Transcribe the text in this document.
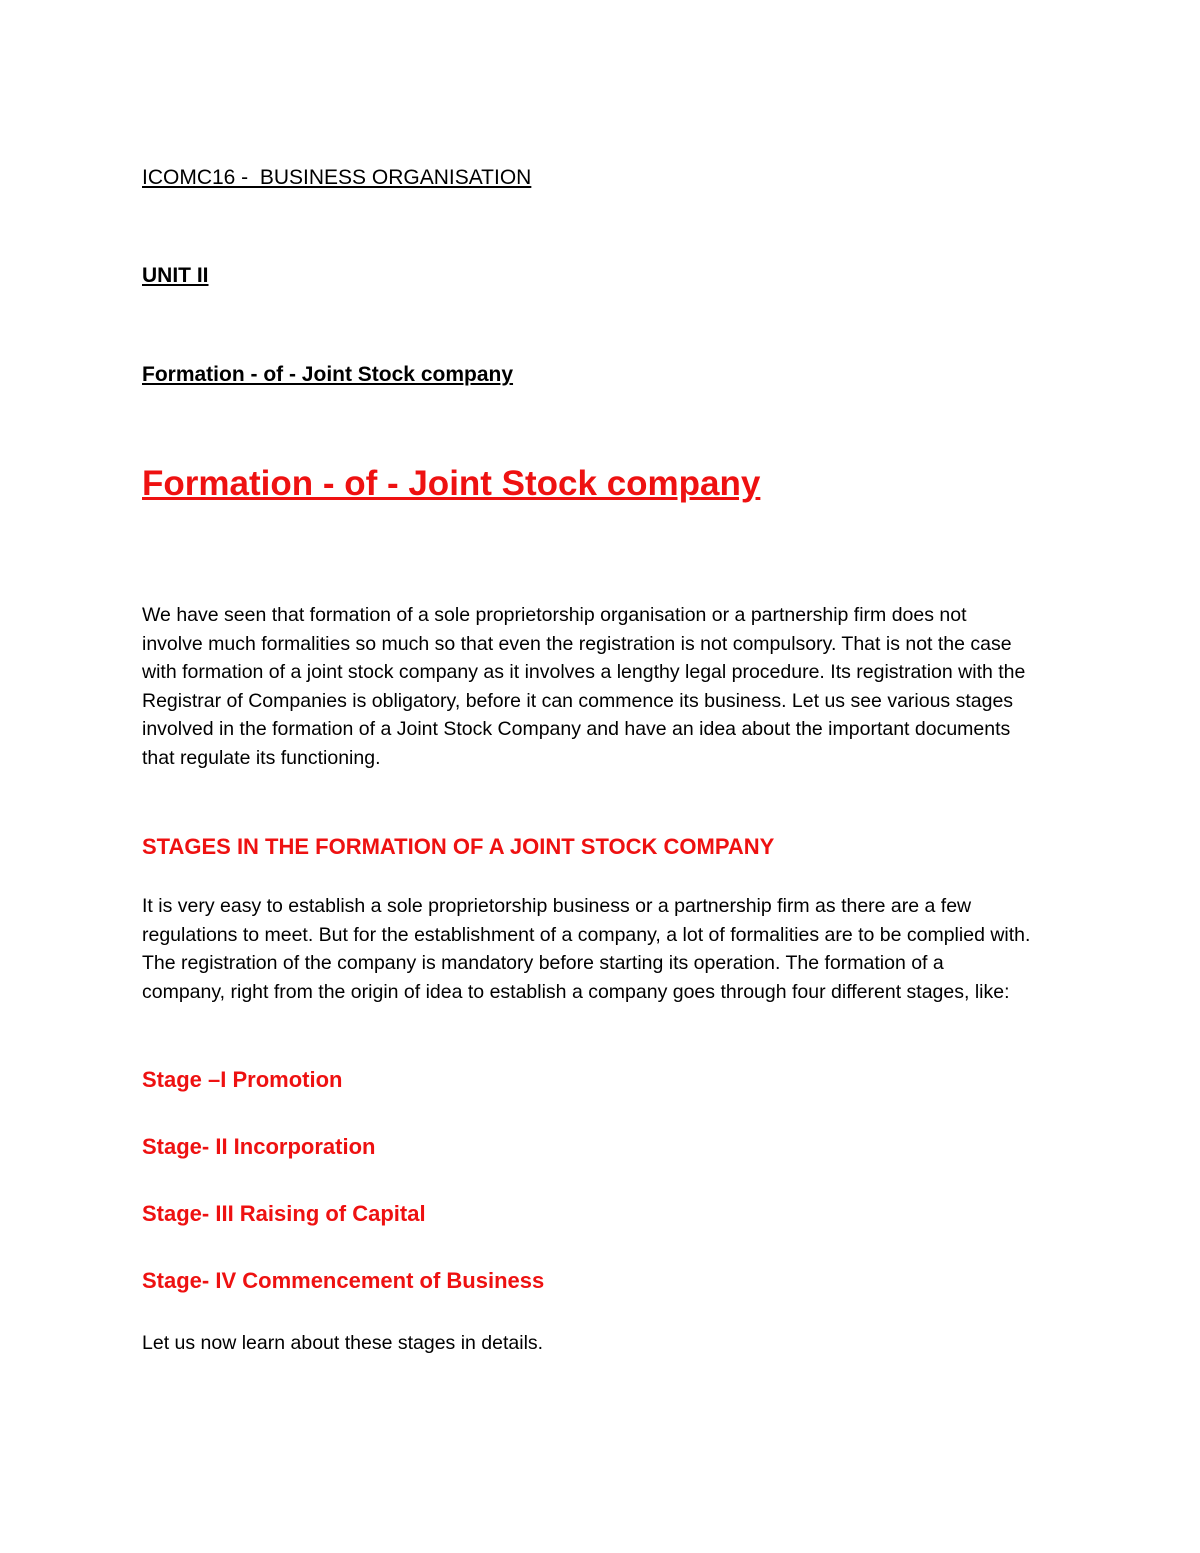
ICOMC16 -  BUSINESS ORGANISATION

UNIT II

Formation - of - Joint Stock company

Formation - of - Joint Stock company

We have seen that formation of a sole proprietorship organisation or a partnership firm does not involve much formalities so much so that even the registration is not compulsory. That is not the case with formation of a joint stock company as it involves a lengthy legal procedure. Its registration with the Registrar of Companies is obligatory, before it can commence its business. Let us see various stages involved in the formation of a Joint Stock Company and have an idea about the important documents that regulate its functioning.

STAGES IN THE FORMATION OF A JOINT STOCK COMPANY

It is very easy to establish a sole proprietorship business or a partnership firm as there are a few regulations to meet. But for the establishment of a company, a lot of formalities are to be complied with. The registration of the company is mandatory before starting its operation. The formation of a company, right from the origin of idea to establish a company goes through four different stages, like:

Stage –I Promotion

Stage- II Incorporation

Stage- III Raising of Capital

Stage- IV Commencement of Business

Let us now learn about these stages in details.
